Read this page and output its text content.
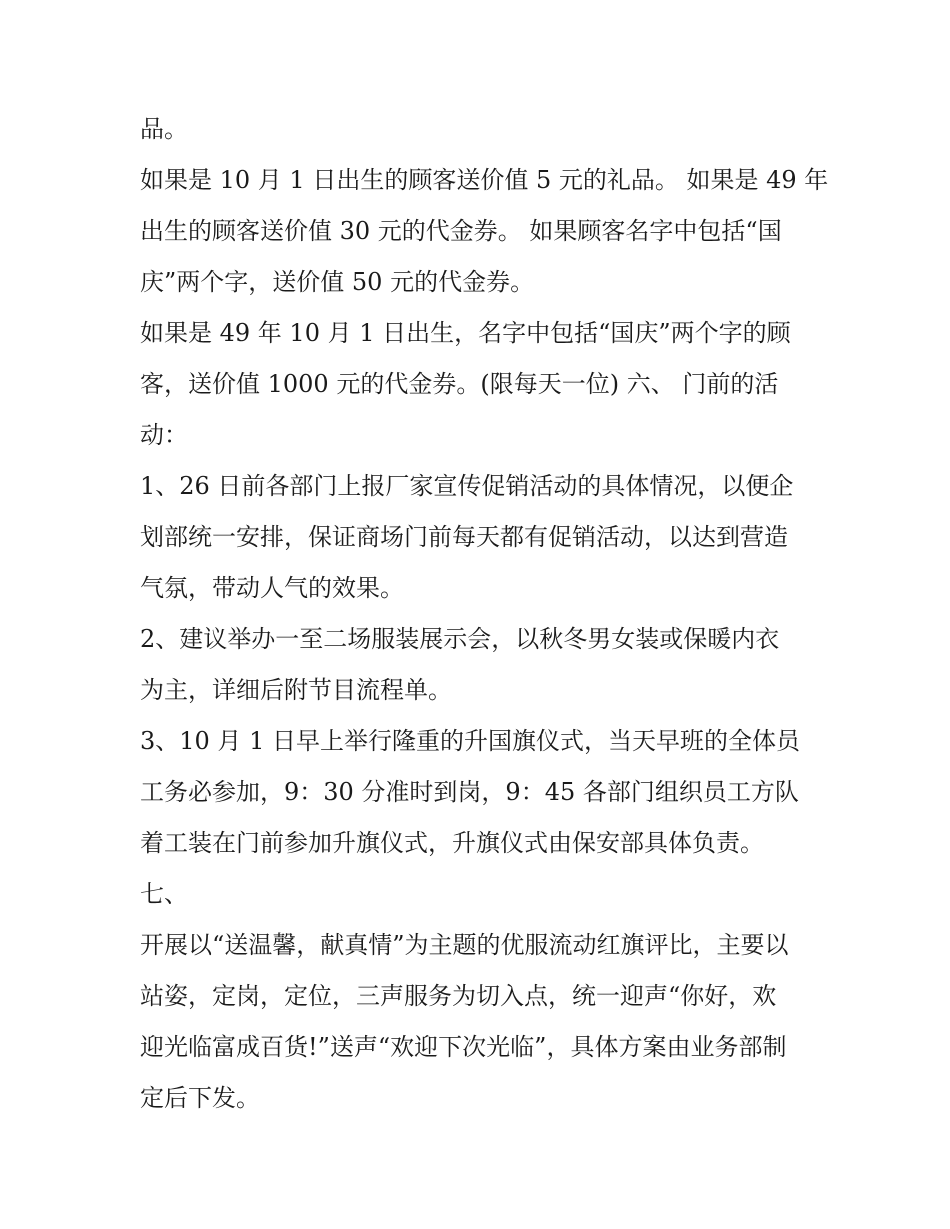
品。
如果是 10 月 1 日出生的顾客送价值 5 元的礼品。 如果是 49 年
出生的顾客送价值 30 元的代金券。 如果顾客名字中包括“国
庆”两个字，送价值 50 元的代金券。
如果是 49 年 10 月 1 日出生，名字中包括“国庆”两个字的顾
客，送价值 1000 元的代金券。(限每天一位) 六、 门前的活
动：
1、26 日前各部门上报厂家宣传促销活动的具体情况，以便企
划部统一安排，保证商场门前每天都有促销活动，以达到营造
气氛，带动人气的效果。
2、建议举办一至二场服装展示会，以秋冬男女装或保暖内衣
为主，详细后附节目流程单。
3、10 月 1 日早上举行隆重的升国旗仪式，当天早班的全体员
工务必参加，9：30 分准时到岗，9：45 各部门组织员工方队
着工装在门前参加升旗仪式，升旗仪式由保安部具体负责。
七、
开展以“送温馨，献真情”为主题的优服流动红旗评比，主要以
站姿，定岗，定位，三声服务为切入点，统一迎声“你好，欢
迎光临富成百货!”送声“欢迎下次光临”，具体方案由业务部制
定后下发。
